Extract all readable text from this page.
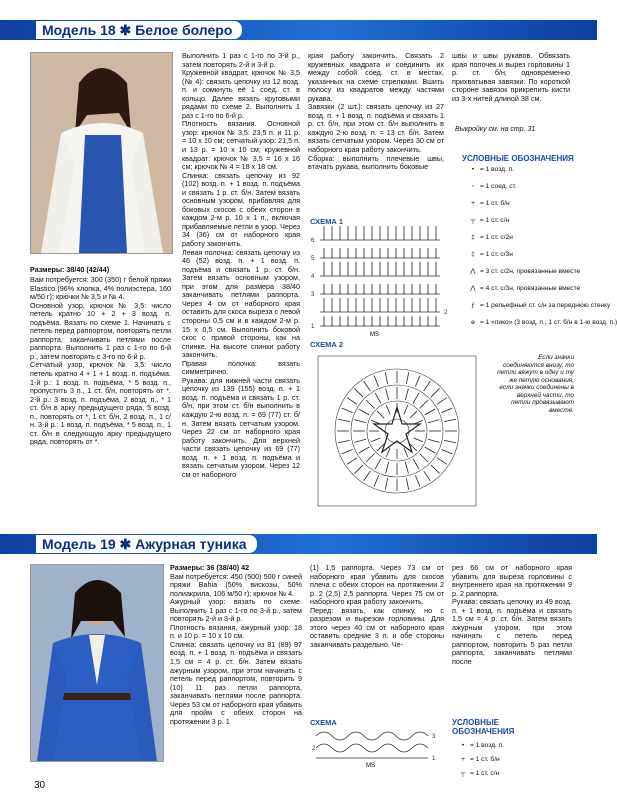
Модель 18 ✱ Белое болеро

Размеры: 38/40 (42/44)

Вам потребуется: 300 (350) г белой пряжи Elastico (96% хлопка, 4% полиэстера, 160 м/50 г); крючки № 3,5 и № 4.

Основной узор, крючок № 3,5: число петель кратно 10 + 2 + 3 возд. п. подъёма. Вязать по схеме 1. Начинать с петель перед раппортом, повторять петли раппорта, заканчивать петлями после раппорта. Выполнить 1 раз с 1-го по 6-й р., затем повторять с 3-го по 6-й р.

Сетчатый узор, крючок № 3,5: число петель кратно 4 + 1 + 1 возд. п. подъёма. 1-й р.: 1 возд. п. подъёма, * 5 возд. п., пропустить 3 п., 1 ст. б/н, повторять от *. 2-й р.: 3 возд. п. подъёма, 2 возд. п., * 1 ст. б/н в арку предыдущего ряда, 5 возд. п., повторять от *, 1 ст. б/н, 2 возд. п., 1 с/н. 3-й р.: 1 возд. п. подъёма, * 5 возд. п., 1 ст. б/н в следующую арку предыдущего ряда, повторять от *.

Выполнить 1 раз с 1-го по 3-й р., затем повторять 2-й и 3-й р.

Кружевной квадрат, крючок № 3,5 (№ 4): связать цепочку из 12 возд. п. и сомкнуть её 1 соед. ст. в кольцо. Далее вязать круговыми рядами по схеме 2. Выполнить 1 раз с 1-го по 6-й р.

Плотность вязания. Основной узор: крючок № 3,5: 23,5 п. и 11 р. = 10 х 10 см; сетчатый узор: 21,5 п. и 13 р. = 10 х 10 см; кружевной квадрат: крючок № 3,5 = 16 х 16 см; крючок № 4 = 18 х 18 см.

Спинка: связать цепочку из 92 (102) возд. п. + 1 возд. п. подъёма и связать 1 р. ст. б/н. Затем вязать основным узором, прибавляя для боковых скосов с обеих сторон в каждом 2-м р. 10 х 1 п., включая прибавляемые петли в узор. Через 34 (36) см от наборного края работу закончить.

Левая полочка: связать цепочку из 46 (52) возд. п. + 1 возд. п. подъёма и связать 1 р. ст. б/н. Затем вязать основным узором, при этом для размера 38/40 заканчивать петлями раппорта. Через 4 см от наборного края оставить для скоса выреза с левой стороны 0,5 см и в каждом 2-м р. 15 х 0,5 см. Выполнить боковой скос с правой стороны, как на спинке. На высоте спинки работу закончить.

Правая полочка: вязать симметрично.

Рукава: для нижней части связать цепочку из 139 (155) возд. п. + 1 возд. п. подъёма и связать 1 р. ст. б/н, при этом ст. б/н выполнить в каждую 2-ю возд. п. = 69 (77) ст. б/н. Затем вязать сетчатым узором. Через 22 см от наборного края работу закончить. Для верхней части связать цепочку из 69 (77) возд. п. + 1 возд. п. подъёма и вязать сетчатым узором. Через 12 см от наборного

края работу закончить. Связать 2 кружевных квадрата и соединить их между собой соед. ст. в местах, указанных на схеме стрелками. Вшить полосу из квадратов между частями рукава.

Завязки (2 шт.): связать цепочку из 27 возд. п. + 1 возд. п. подъёма и связать 1 р. ст. б/н, при этом ст. б/н выполнить в каждую 2-ю возд. п. = 13 ст. б/н. Затем вязать сетчатым узором. Через 30 см от наборного края работу закончить.

Сборка: выполнить плечевые швы, втачать рукава, выполнить боковые

швы и швы рукавов. Обвязать края полочек и вырез горловины 1 р. ст. б/н, одновременно прихватывая завязки. По короткой стороне завязок прикрепить кисти из 3-х нитей длиной 38 см.

Выкройку см. на стр. 31
УСЛОВНЫЕ ОБОЗНАЧЕНИЯ
• = 1 возд. п.
◦ = 1 соед. ст.
+ = 1 ст. б/н
┬ = 1 ст. с/н
‡ = 1 ст. с/2н
‡ = 1 ст. с/3н
⋀ = 3 ст. с/2н, провязанные вместе
⋀ = 4 ст. с/3н, провязанные вместе
ƒ = 1 рельефный ст. с/н за переднюю стенку
ɵ = 1 «пико» (3 возд. п., 1 ст. б/н в 1-ю возд. п.)
Если значки соединяются внизу, то петли вяжут в одну и ту же петлю основания, если значки соединены в верхней части, то петли провязывают вместе.
СХЕМА 1
6
5
4
3
2
1
MS
СХЕМА 2
Модель 19 ✱ Ажурная туника

Размеры: 36 (38/40) 42

Вам потребуется: 450 (500) 500 г синей пряжи Bahia (50% вискозы, 50% полиакрила, 106 м/50 г); крючок № 4.

Ажурный узор: вязать по схеме. Выполнить 1 раз с 1-го по 3-й р., затем повторять 2-й и 3-й р.

Плотность вязания, ажурный узор: 18 п. и 10 р. = 10 х 10 см.

Спинка: связать цепочку из 81 (89) 97 возд. п. + 1 возд. п. подъёма и связать 1,5 см = 4 р. ст. б/н. Затем вязать ажурным узором, при этом начинать с петель перед раппортом, повторить 9 (10) 11 раз петли раппорта, заканчивать петлями после раппорта. Через 53 см от наборного края убавить для пройм с обеих сторон на протяжении 3 р. 1

(1) 1,5 раппорта. Через 73 см от наборного края убавить для скосов плеча с обеих сторон на протяжении 2 р. 2 (2,5) 2,5 раппорта. Через 75 см от наборного края работу закончить.

Перед: вязать, как спинку, но с разрезом и вырезом горловины. Для этого через 40 см от наборного края оставить средние 3 п. и обе стороны заканчивать раздельно. Че-

рез 66 см от наборного края убавить для выреза горловины с внутреннего края на протяжении 9 р. 2 раппорта.

Рукава: связать цепочку из 49 возд. п. + 1 возд. п. подъёма и связать 1,5 см = 4 р. ст. б/н. Затем вязать ажурным узором, при этом начинать с петель перед раппортом, повторить 5 раз петли раппорта, заканчивать петлями после

СХЕМА
3
2
1
MS
УСЛОВНЫЕ ОБОЗНАЧЕНИЯ
• = 1 возд. п.
+ = 1 ст. б/н
┬ = 1 ст. с/н
30
